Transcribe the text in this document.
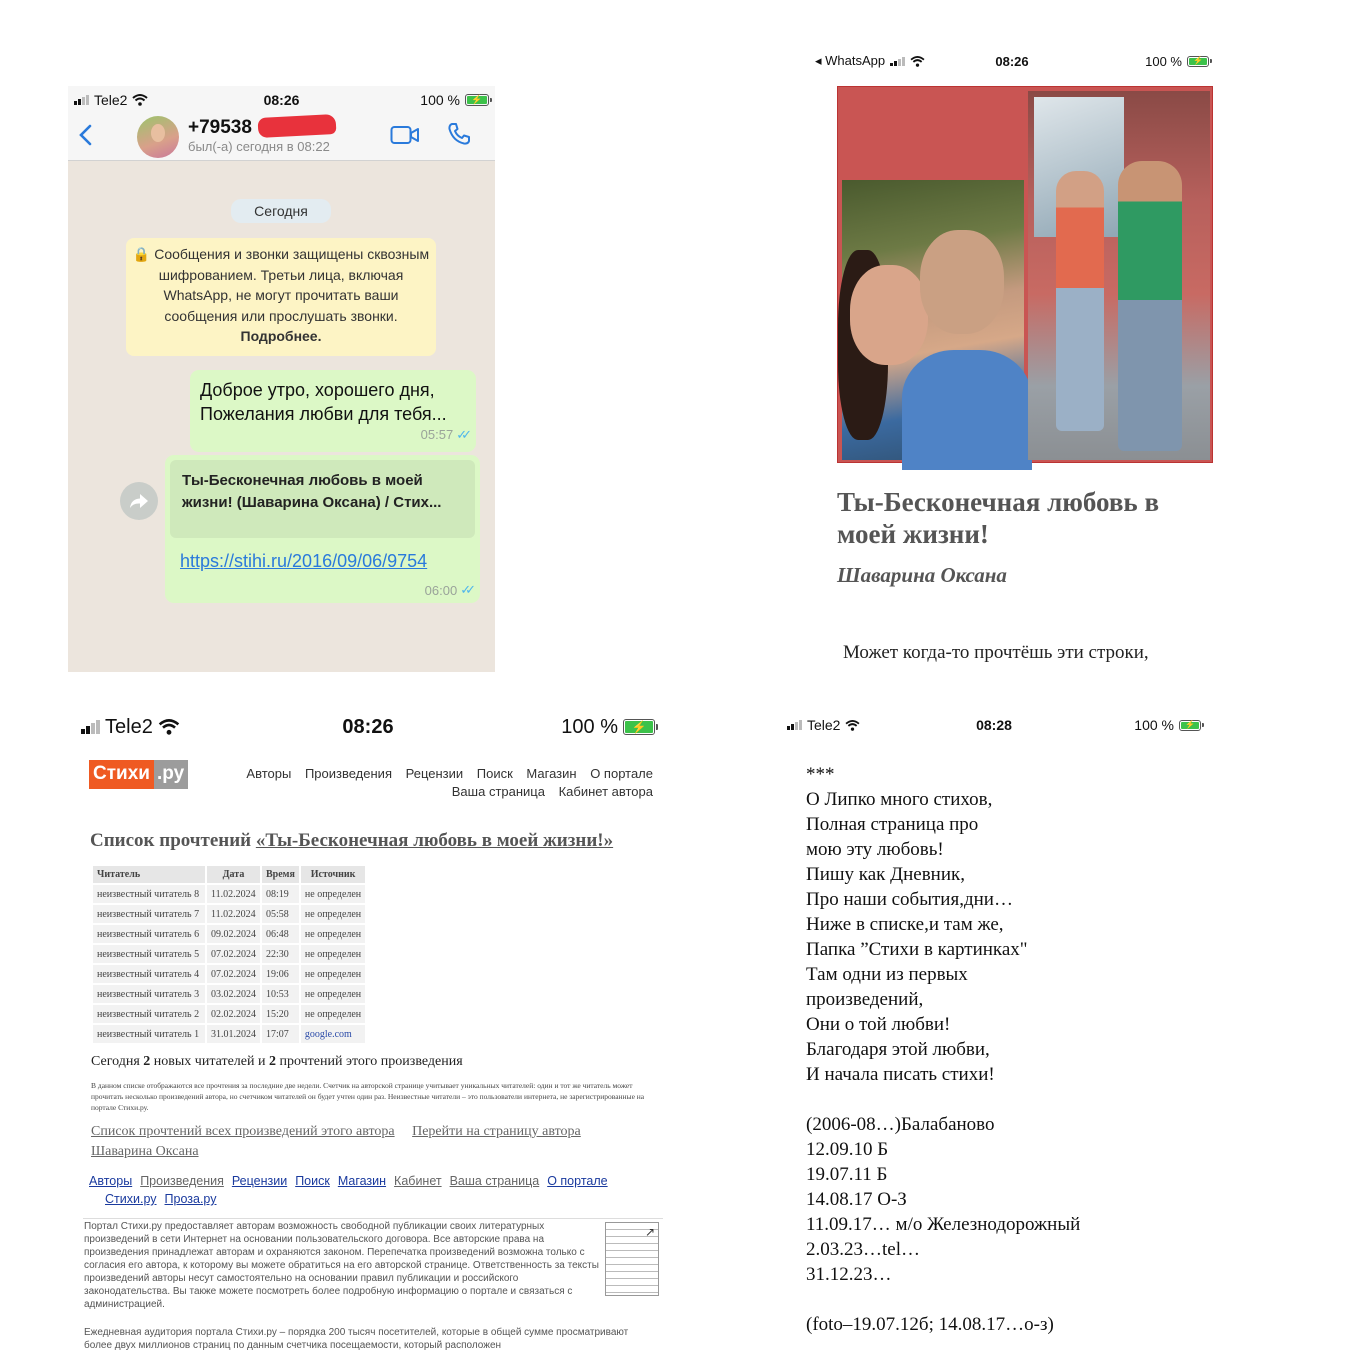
Tele2	08:26	100 %	⚡
+79538
был(-а) сегодня в 08:22
Сегодня
🔒 Сообщения и звонки защищены сквозным шифрованием. Третьи лица, включая WhatsApp, не могут прочитать ваши сообщения или прослушать звонки. Подробнее.
Доброе утро, хорошего дня,
Пожелания любви для тебя...
05:57 ✓✓
Ты-Бесконечная любовь в моей
жизни! (Шаварина Оксана) / Стих...
https://stihi.ru/2016/09/06/9754
06:00 ✓✓
◂ WhatsApp	08:26	100 %	⚡
Ты-Бесконечная любовь в моей жизни!
Шаварина Оксана
Может когда-то прочтёшь эти строки,
Tele2	08:26	100 %	⚡
Стихи .ру	Авторы Произведения Рецензии Поиск Магазин О портале
Ваша страница Кабинет автора
Список прочтений «Ты-Бесконечная любовь в моей жизни!»
Читатель	Дата	Время	Источник
неизвестный читатель 8	11.02.2024	08:19	не определен
неизвестный читатель 7	11.02.2024	05:58	не определен
неизвестный читатель 6	09.02.2024	06:48	не определен
неизвестный читатель 5	07.02.2024	22:30	не определен
неизвестный читатель 4	07.02.2024	19:06	не определен
неизвестный читатель 3	03.02.2024	10:53	не определен
неизвестный читатель 2	02.02.2024	15:20	не определен
неизвестный читатель 1	31.01.2024	17:07	google.com
Сегодня 2 новых читателей и 2 прочтений этого произведения
В данном списке отображаются все прочтения за последние две недели. Счетчик на авторской странице учитывает уникальных читателей: один и тот же читатель может прочитать несколько произведений автора, но счетчиком читателей он будет учтен один раз. Неизвестные читатели – это пользователи интернета, не зарегистрированные на портале Стихи.ру.
Список прочтений всех произведений этого автора Перейти на страницу автора
Шаварина Оксана
Авторы Произведения Рецензии Поиск Магазин Кабинет Ваша страница О портале
Стихи.ру Проза.ру
Портал Стихи.ру предоставляет авторам возможность свободной публикации своих литературных произведений в сети Интернет на основании пользовательского договора. Все авторские права на произведения принадлежат авторам и охраняются законом. Перепечатка произведений возможна только с согласия его автора, к которому вы можете обратиться на его авторской странице. Ответственность за тексты произведений авторы несут самостоятельно на основании правил публикации и российского законодательства. Вы также можете посмотреть более подробную информацию о портале и связаться с администрацией.
↗
Ежедневная аудитория портала Стихи.ру – порядка 200 тысяч посетителей, которые в общей сумме просматривают более двух миллионов страниц по данным счетчика посещаемости, который расположен
Tele2	08:28	100 %	⚡
***
О Липко много стихов,
Полная страница про
мою эту любовь!
Пишу как Дневник,
Про наши события,дни…
Ниже в списке,и там же,
Папка ”Стихи в картинках"
Там одни из первых
произведений,
Они о той любви!
Благодаря этой любви,
И начала писать стихи!

(2006-08…)Балабаново
12.09.10 Б
19.07.11 Б
14.08.17 О-З
11.09.17… м/о Железнодорожный
2.03.23…tel…
31.12.23…

(foto–19.07.12б; 14.08.17…о-з)
